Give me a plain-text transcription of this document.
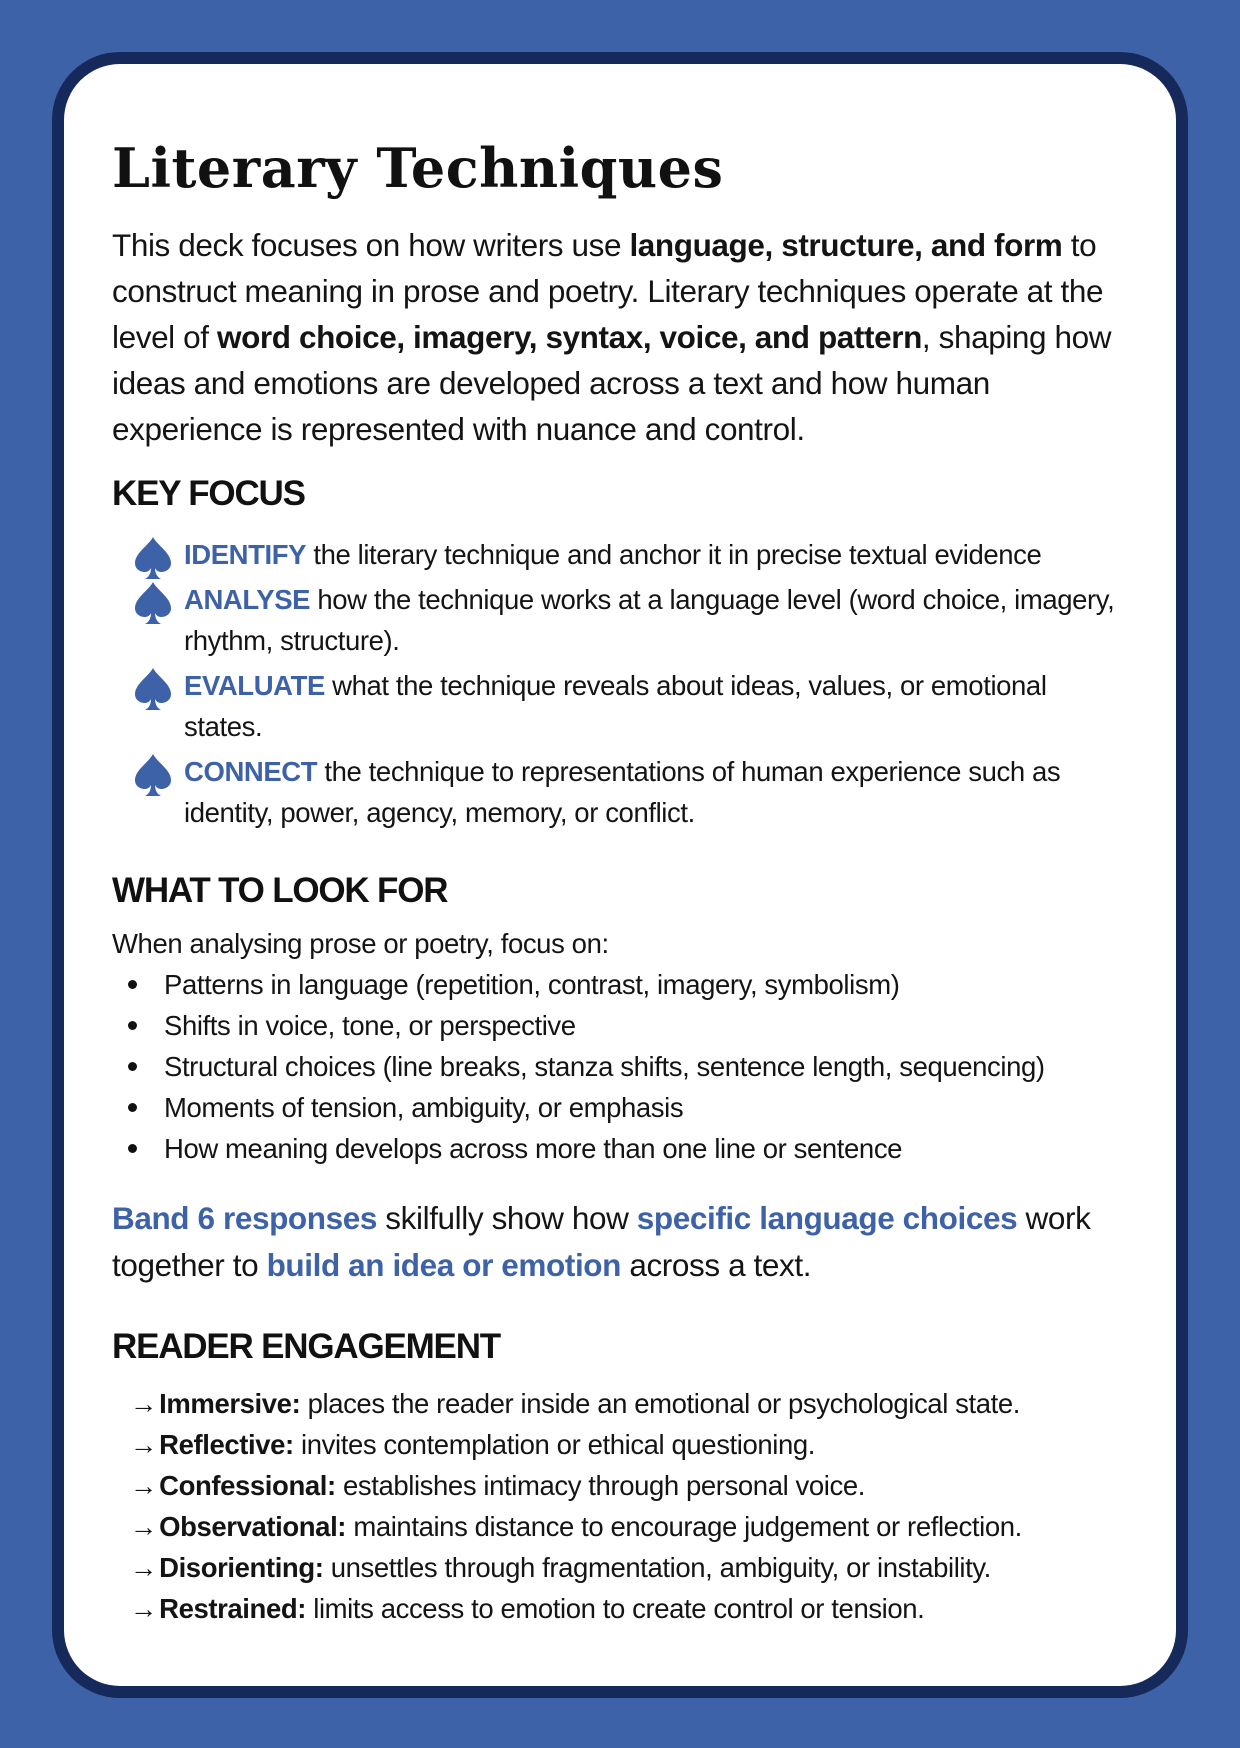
Literary Techniques

This deck focuses on how writers use language, structure, and form to construct meaning in prose and poetry. Literary techniques operate at the level of word choice, imagery, syntax, voice, and pattern, shaping how ideas and emotions are developed across a text and how human experience is represented with nuance and control.

KEY FOCUS
IDENTIFY the literary technique and anchor it in precise textual evidence
ANALYSE how the technique works at a language level (word choice, imagery, rhythm, structure).
EVALUATE what the technique reveals about ideas, values, or emotional states.
CONNECT the technique to representations of human experience such as identity, power, agency, memory, or conflict.
WHAT TO LOOK FOR

When analysing prose or poetry, focus on:

Patterns in language (repetition, contrast, imagery, symbolism)
Shifts in voice, tone, or perspective
Structural choices (line breaks, stanza shifts, sentence length, sequencing)
Moments of tension, ambiguity, or emphasis
How meaning develops across more than one line or sentence

Band 6 responses skilfully show how specific language choices work together to build an idea or emotion across a text.

READER ENGAGEMENT
→Immersive: places the reader inside an emotional or psychological state.
→Reflective: invites contemplation or ethical questioning.
→Confessional: establishes intimacy through personal voice.
→Observational: maintains distance to encourage judgement or reflection.
→Disorienting: unsettles through fragmentation, ambiguity, or instability.
→Restrained: limits access to emotion to create control or tension.
